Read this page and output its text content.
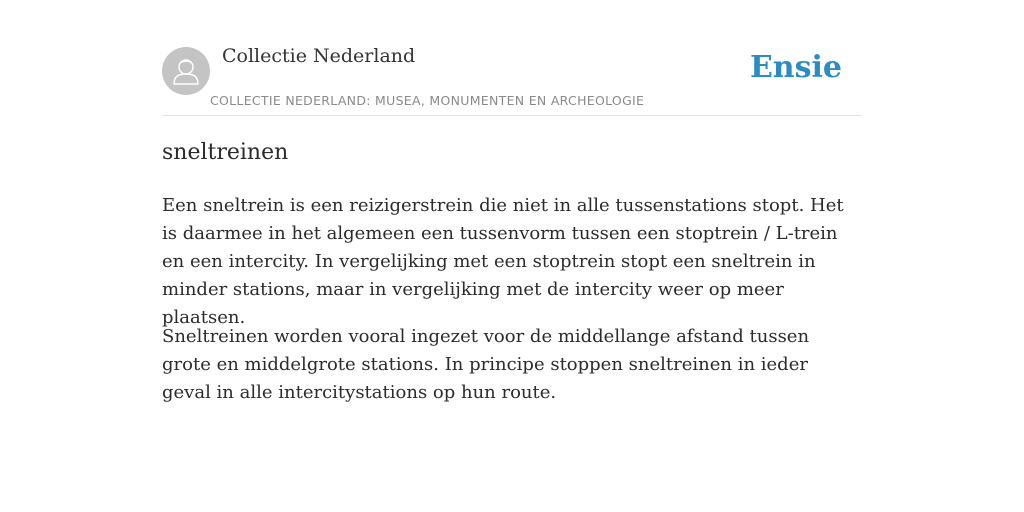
Collectie Nederland
COLLECTIE NEDERLAND: MUSEA, MONUMENTEN EN ARCHEOLOGIE
Ensie
sneltreinen

Een sneltrein is een reizigerstrein die niet in alle tussenstations stopt. Het is daarmee in het algemeen een tussenvorm tussen een stoptrein / L-trein en een intercity. In vergelijking met een stoptrein stopt een sneltrein in minder stations, maar in vergelijking met de intercity weer op meer plaatsen.

Sneltreinen worden vooral ingezet voor de middellange afstand tussen grote en middelgrote stations. In principe stoppen sneltreinen in ieder geval in alle intercitystations op hun route.
